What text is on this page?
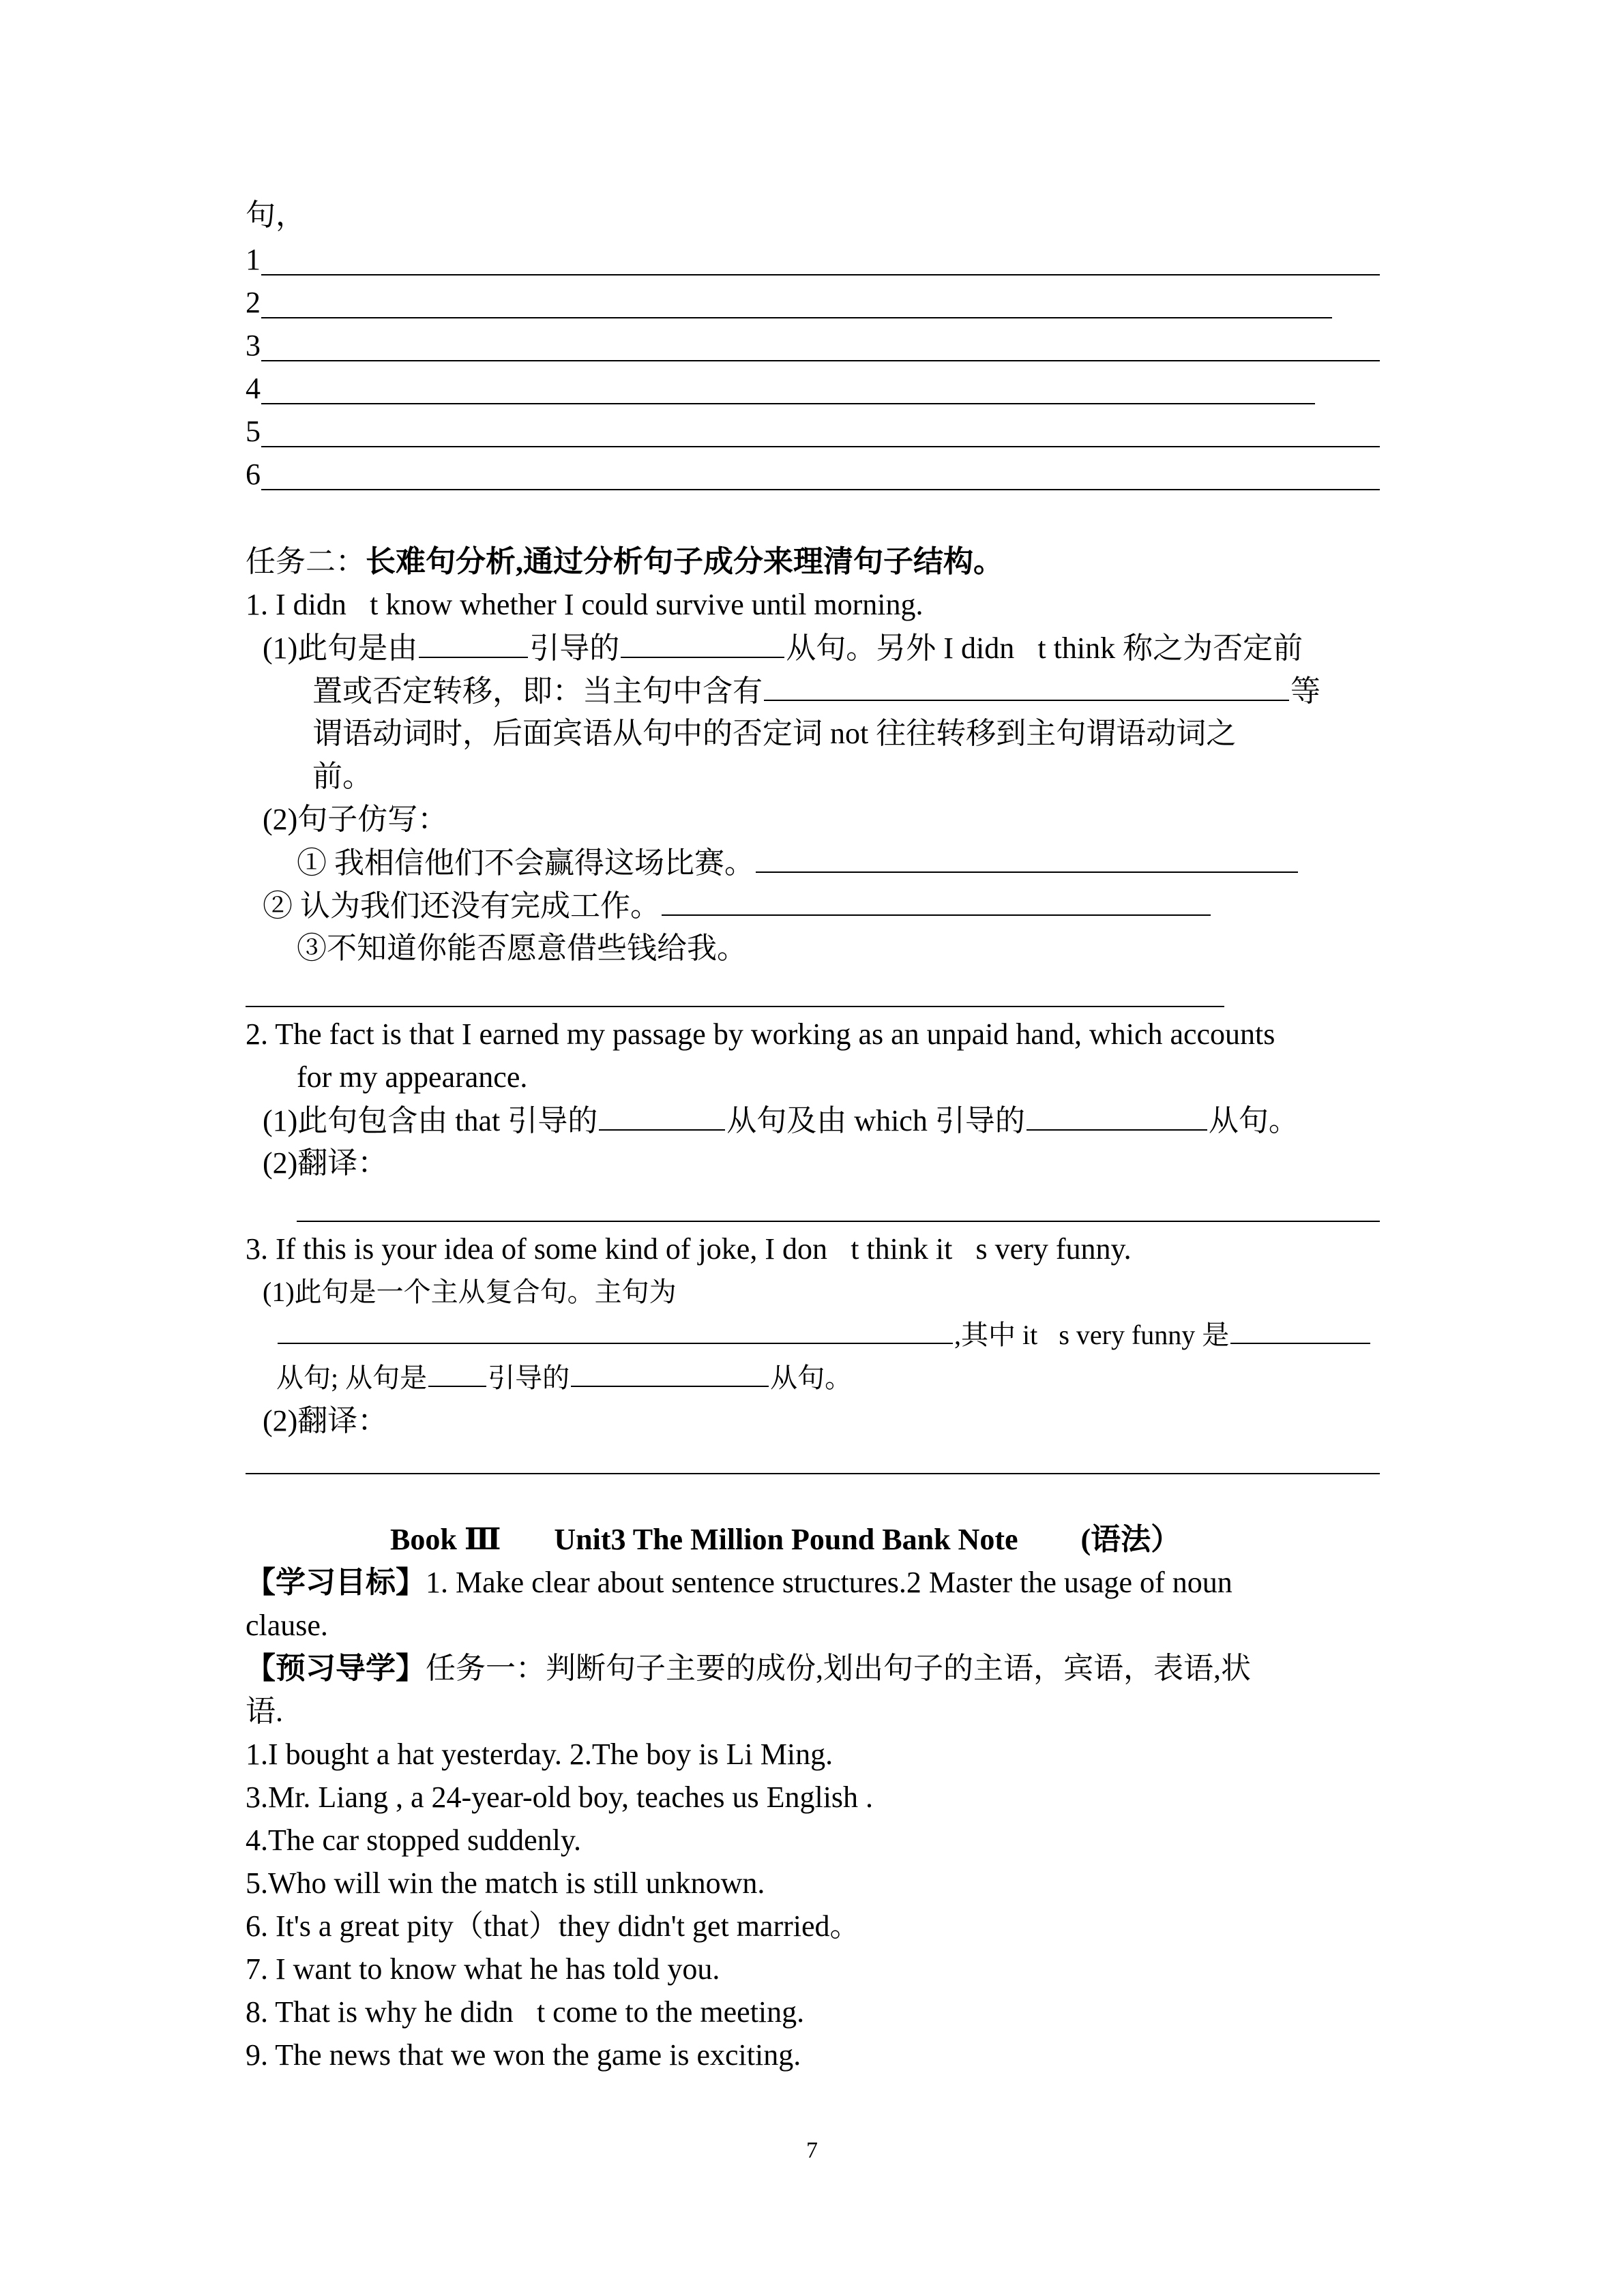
句，
1
2
3
4
5
6
任务二：长难句分析,通过分析句子成分来理清句子结构。
1. I didn t know whether I could survive until morning.
(1)此句是由	引导的	从句。另外 I didn t think 称之为否定前
置或否定转移，即：当主句中含有	等
谓语动词时，后面宾语从句中的否定词 not 往往转移到主句谓语动词之
前。
(2)句子仿写：
① 我相信他们不会赢得这场比赛。
② 认为我们还没有完成工作。
③不知道你能否愿意借些钱给我。
2. The fact is that I earned my passage by working as an unpaid hand, which accounts
for my appearance.
(1)此句包含由 that 引导的	从句及由 which 引导的	从句。
(2)翻译：
3. If this is your idea of some kind of joke, I don t think it s very funny.
(1)此句是一个主从复合句。主句为
,其中 it s very funny 是
从句; 从句是 引导的	从句。
(2)翻译：
Book Ⅲ Unit3 The Million Pound Bank Note (语法）
【学习目标】1. Make clear about sentence structures.2 Master the usage of noun
clause.
【预习导学】任务一：判断句子主要的成份,划出句子的主语，宾语，表语,状
语.
1.I bought a hat yesterday. 2.The boy is Li Ming.
3.Mr. Liang , a 24-year-old boy, teaches us English .
4.The car stopped suddenly.
5.Who will win the match is still unknown.
6. It's a great pity（that）they didn't get married。
7. I want to know what he has told you.
8. That is why he didn t come to the meeting.
9. The news that we won the game is exciting.
7
